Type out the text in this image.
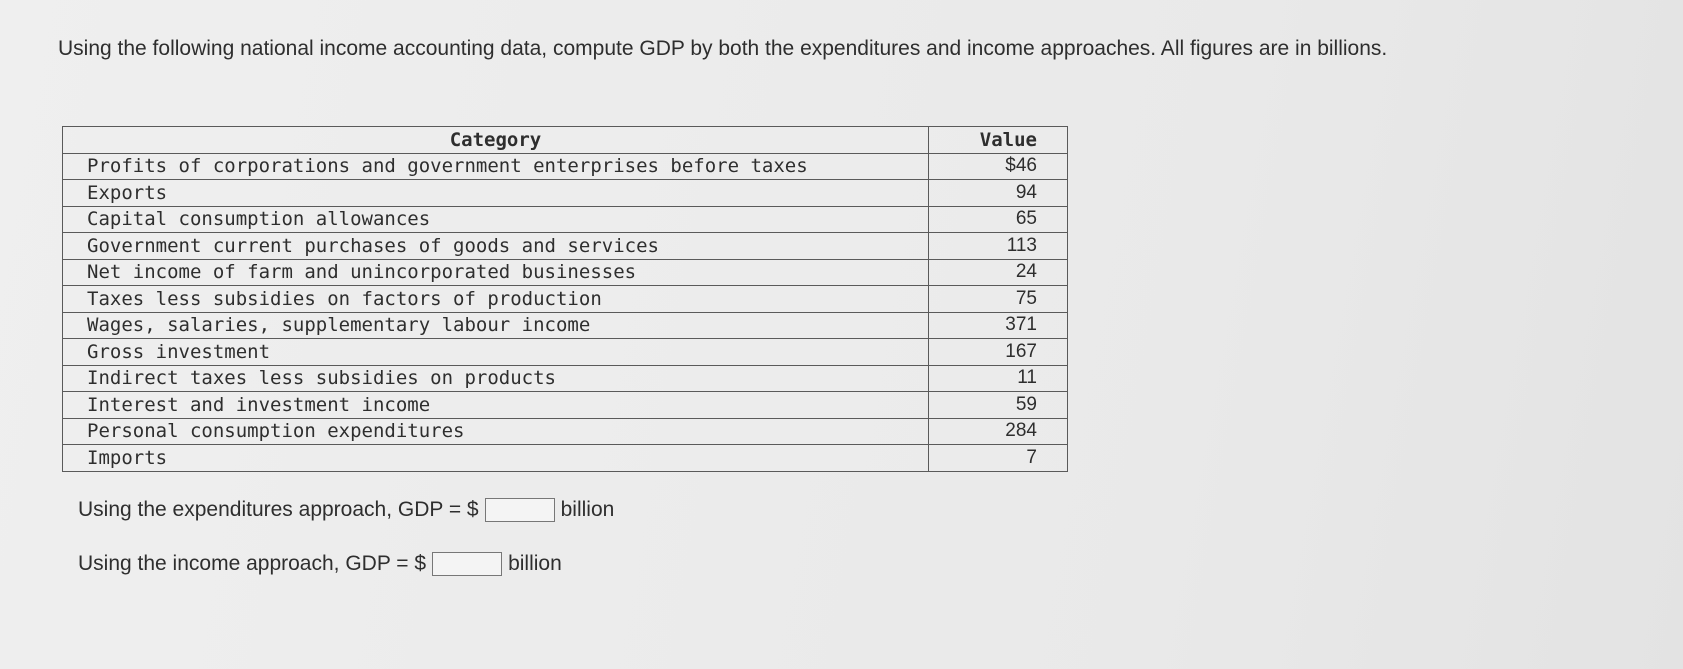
Using the following national income accounting data, compute GDP by both the expenditures and income approaches. All figures are in billions.
Category	Value
Profits of corporations and government enterprises before taxes	$46
Exports	94
Capital consumption allowances	65
Government current purchases of goods and services	113
Net income of farm and unincorporated businesses	24
Taxes less subsidies on factors of production	75
Wages, salaries, supplementary labour income	371
Gross investment	167
Indirect taxes less subsidies on products	11
Interest and investment income	59
Personal consumption expenditures	284
Imports	7
Using the expenditures approach, GDP = $	billion
Using the income approach, GDP = $	billion
